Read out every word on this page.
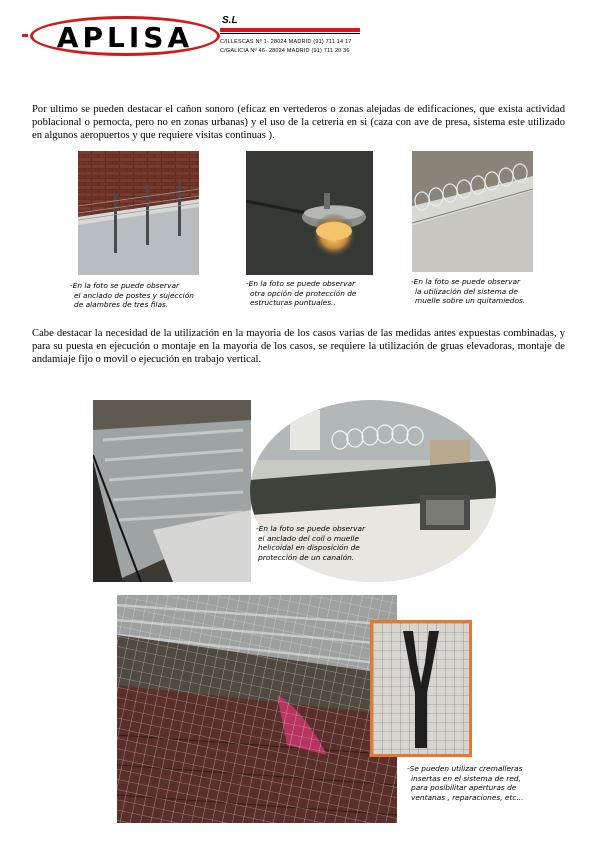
APLISA
S.L
C/ILLESCAS Nº 1- 28024 MADRID (91) 711 14 17
C/GALICIA Nº 46- 28024 MADRID (91) 711 20 36
Por ultimo se pueden destacar el cañon sonoro (eficaz en vertederos o zonas alejadas de edificaciones, que exista actividad poblacional o pernocta, pero no en zonas urbanas) y el uso de la cetreria en si (caza con ave de presa, sistema este utilizado en algunos aeropuertos y que requiere visitas continuas ).
-En la foto se puede observar
el anclado de postes y sujección
de alambres de tres filas.
-En la foto se puede observar
otra opción de protección de
estructuras puntuales..
-En la foto se puede observar
la utilización del sistema de
muelle sobre un quitamiedos.
Cabe destacar la necesidad de la utilización en la mayoria de los casos varias de las medidas antes expuestas combinadas, y para su puesta en ejecución o montaje en la mayoria de los casos, se requiere la utilización de gruas elevadoras, montaje de andamiaje fijo o movil o ejecución en trabajo vertical.
-En la foto se puede observar
el anclado del coil o muelle
helicoidal en disposición de
protección de un canalón.
-Se pueden utilizar cremalleras
insertas en el sistema de red,
para posibilitar aperturas de
ventanas , reparaciones, etc...
